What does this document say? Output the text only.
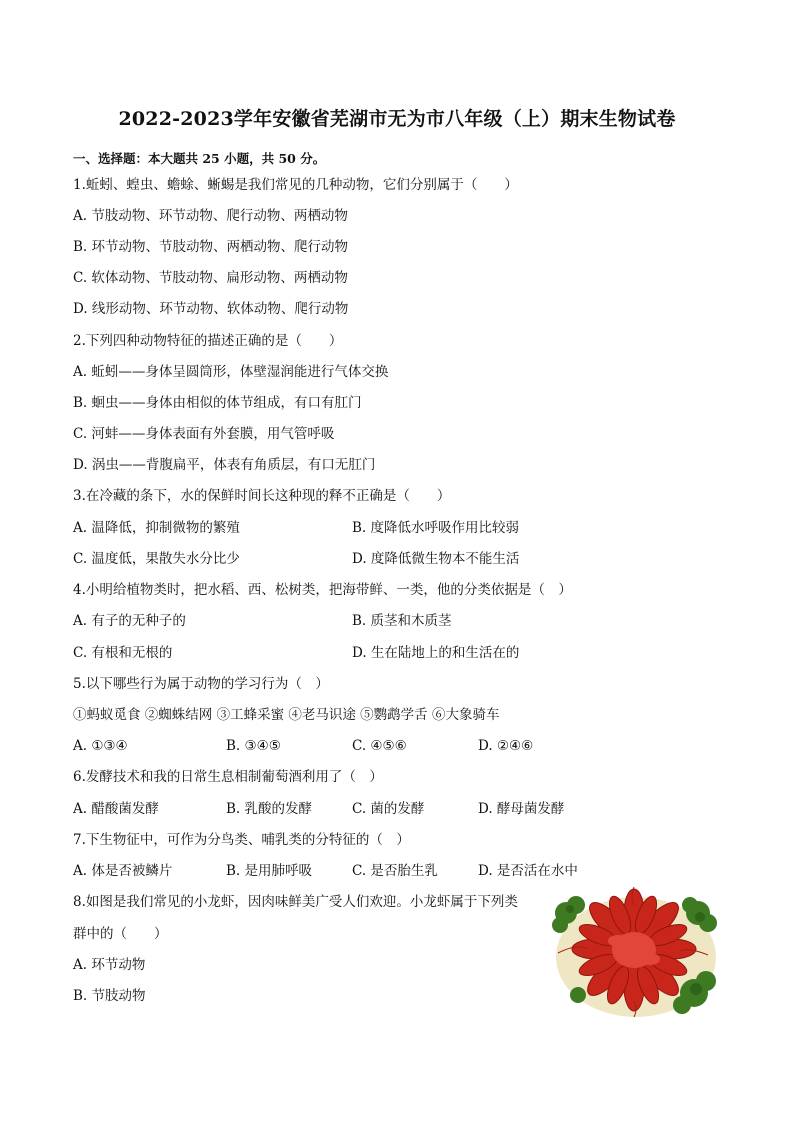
2022-2023学年安徽省芜湖市无为市八年级（上）期末生物试卷
一、选择题：本大题共 25 小题，共 50 分。
1.蚯蚓、蝗虫、蟾蜍、蜥蜴是我们常见的几种动物，它们分别属于（　　）
A. 节肢动物、环节动物、爬行动物、两栖动物
B. 环节动物、节肢动物、两栖动物、爬行动物
C. 软体动物、节肢动物、扁形动物、两栖动物
D. 线形动物、环节动物、软体动物、爬行动物
2.下列四种动物特征的描述正确的是（　　）
A. 蚯蚓——身体呈圆筒形，体壁湿润能进行气体交换
B. 蛔虫——身体由相似的体节组成，有口有肛门
C. 河蚌——身体表面有外套膜，用气管呼吸
D. 涡虫——背腹扁平，体表有角质层，有口无肛门
3.在冷藏的条下，水的保鲜时间长这种现的释不正确是（　　）
A. 温降低，抑制微物的繁殖	B. 度降低水呼吸作用比较弱
C. 温度低，果散失水分比少	D. 度降低微生物本不能生活
4.小明给植物类时，把水稻、西、松树类，把海带鲜、一类，他的分类依据是（　）
A. 有子的无种子的	B. 质茎和木质茎
C. 有根和无根的	D. 生在陆地上的和生活在的
5.以下哪些行为属于动物的学习行为（　）
①蚂蚁觅食 ②蜘蛛结网 ③工蜂采蜜 ④老马识途 ⑤鹦鹉学舌 ⑥大象骑车
A. ①③④	B. ③④⑤	C. ④⑤⑥	D. ②④⑥
6.发酵技术和我的日常生息相制葡萄酒利用了（　）
A. 醋酸菌发酵	B. 乳酸的发酵	C. 菌的发酵	D. 酵母菌发酵
7.下生物征中，可作为分鸟类、哺乳类的分特征的（　）
A. 体是否被鳞片	B. 是用肺呼吸	C. 是否胎生乳	D. 是否活在水中
8.如图是我们常见的小龙虾，因肉味鲜美广受人们欢迎。小龙虾属于下列类
群中的（　　）
A. 环节动物
B. 节肢动物
